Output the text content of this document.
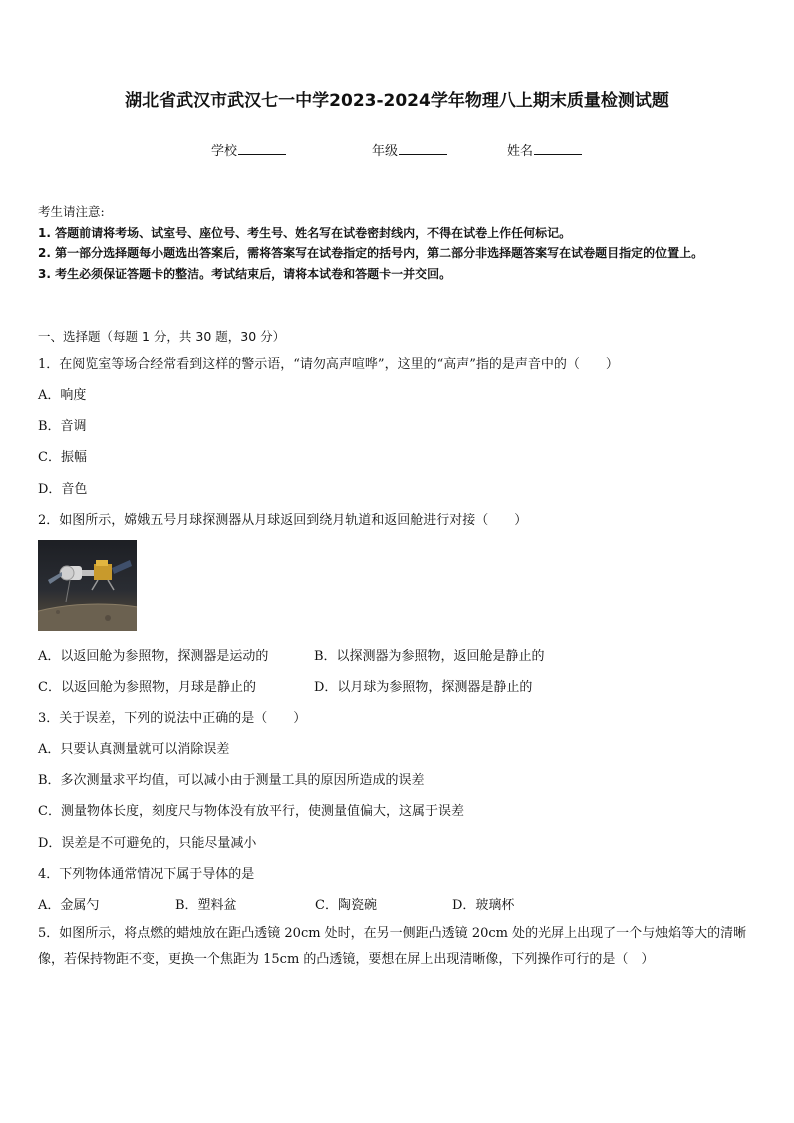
湖北省武汉市武汉七一中学2023-2024学年物理八上期末质量检测试题
学校	年级	姓名

考生请注意:

1. 答题前请将考场、试室号、座位号、考生号、姓名写在试卷密封线内，不得在试卷上作任何标记。

2. 第一部分选择题每小题选出答案后，需将答案写在试卷指定的括号内，第二部分非选择题答案写在试卷题目指定的位置上。

3. 考生必须保证答题卡的整洁。考试结束后，请将本试卷和答题卡一并交回。

一、选择题（每题 1 分，共 30 题，30 分）
1．在阅览室等场合经常看到这样的警示语，“请勿高声喧哗”，这里的“高声”指的是声音中的（　　）
A．响度
B．音调
C．振幅
D．音色
2．如图所示，嫦娥五号月球探测器从月球返回到绕月轨道和返回舱进行对接（　　）
A．以返回舱为参照物，探测器是运动的	B．以探测器为参照物，返回舱是静止的
C．以返回舱为参照物，月球是静止的	D．以月球为参照物，探测器是静止的
3．关于误差，下列的说法中正确的是（　　）
A．只要认真测量就可以消除误差
B．多次测量求平均值，可以减小由于测量工具的原因所造成的误差
C．测量物体长度，刻度尺与物体没有放平行，使测量值偏大，这属于误差
D．误差是不可避免的，只能尽量减小
4．下列物体通常情况下属于导体的是
A．金属勺	B．塑料盆	C．陶瓷碗	D．玻璃杯
5．如图所示，将点燃的蜡烛放在距凸透镜 20cm 处时，在另一侧距凸透镜 20cm 处的光屏上出现了一个与烛焰等大的清晰像，若保持物距不变，更换一个焦距为 15cm 的凸透镜，要想在屏上出现清晰像，下列操作可行的是（　）
